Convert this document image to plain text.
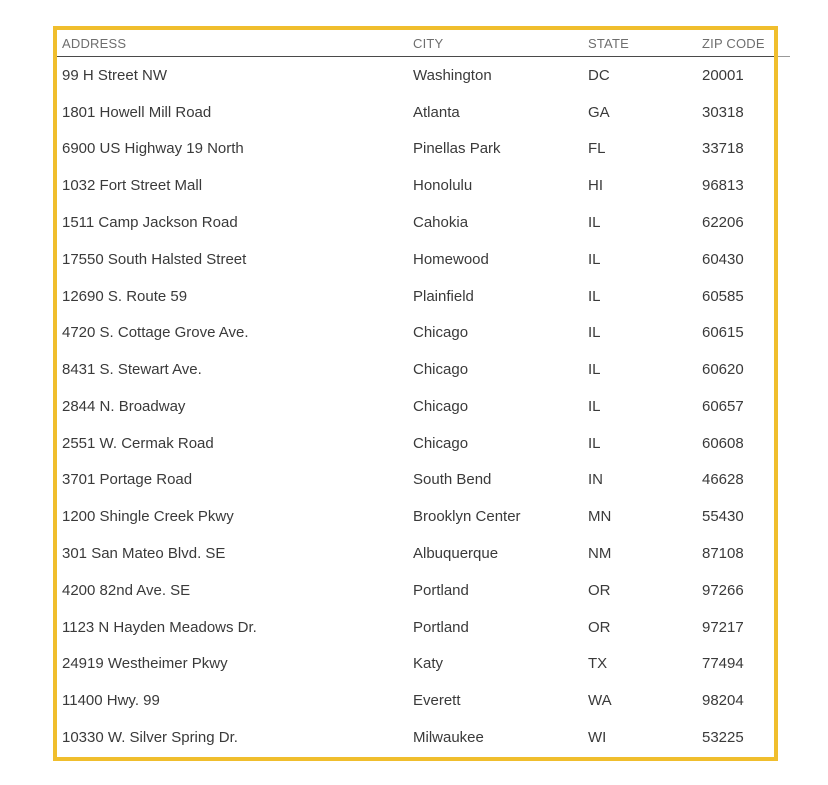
ADDRESS	CITY	STATE	ZIP CODE
99 H Street NW	Washington	DC	20001
1801 Howell Mill Road	Atlanta	GA	30318
6900 US Highway 19 North	Pinellas Park	FL	33718
1032 Fort Street Mall	Honolulu	HI	96813
1511 Camp Jackson Road	Cahokia	IL	62206
17550 South Halsted Street	Homewood	IL	60430
12690 S. Route 59	Plainfield	IL	60585
4720 S. Cottage Grove Ave.	Chicago	IL	60615
8431 S. Stewart Ave.	Chicago	IL	60620
2844 N. Broadway	Chicago	IL	60657
2551 W. Cermak Road	Chicago	IL	60608
3701 Portage Road	South Bend	IN	46628
1200 Shingle Creek Pkwy	Brooklyn Center	MN	55430
301 San Mateo Blvd. SE	Albuquerque	NM	87108
4200 82nd Ave. SE	Portland	OR	97266
1123 N Hayden Meadows Dr.	Portland	OR	97217
24919 Westheimer Pkwy	Katy	TX	77494
11400 Hwy. 99	Everett	WA	98204
10330 W. Silver Spring Dr.	Milwaukee	WI	53225
